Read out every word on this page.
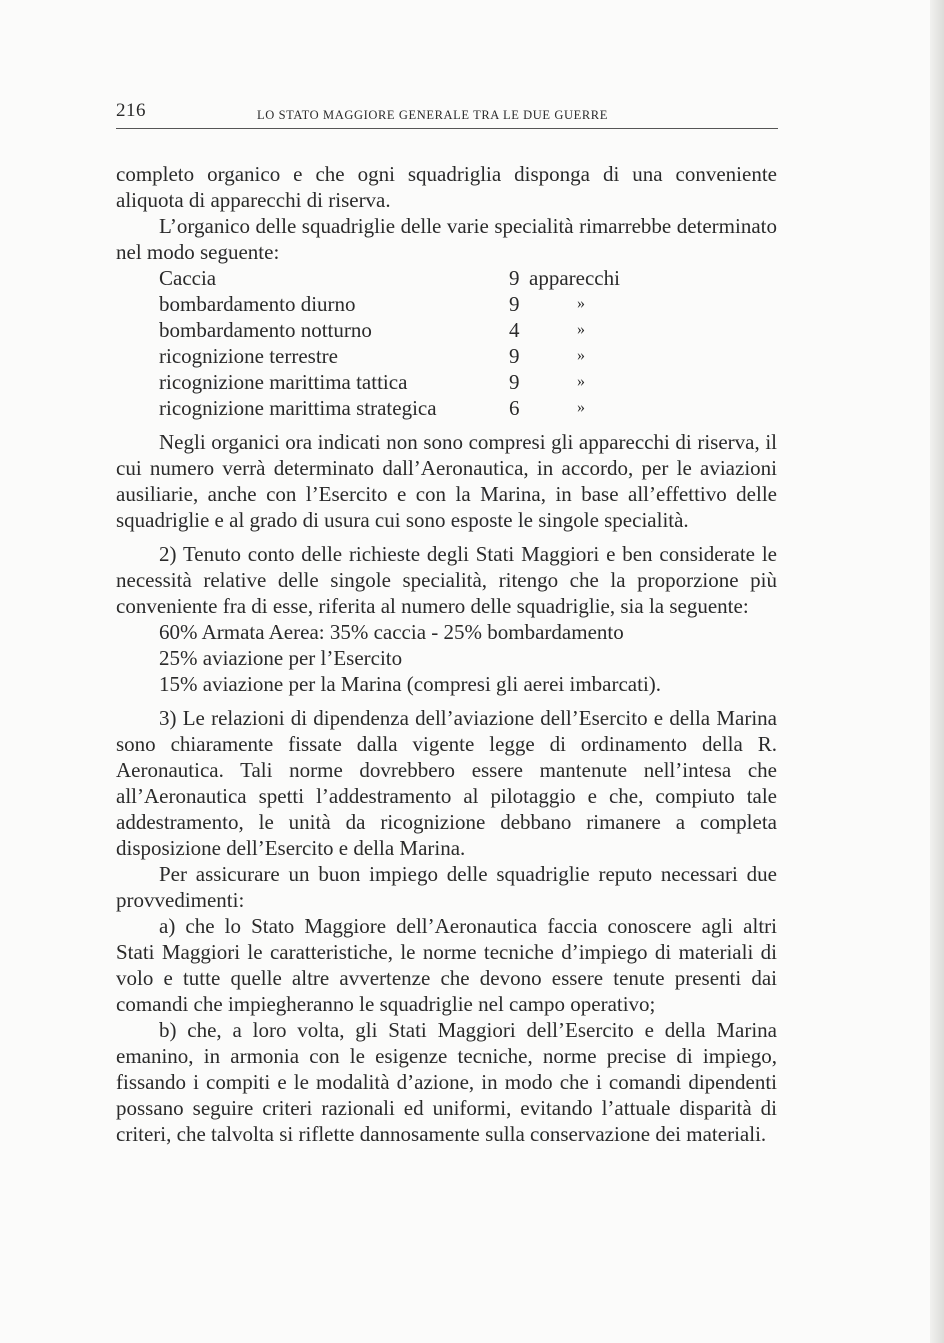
216	LO STATO MAGGIORE GENERALE TRA LE DUE GUERRE

completo organico e che ogni squadriglia disponga di una conveniente aliquota di apparecchi di riserva.

L’organico delle squadriglie delle varie specialità rimarrebbe determinato nel modo seguente:

Caccia	9 apparecchi
bombardamento diurno	9	»
bombardamento notturno	4	»
ricognizione terrestre	9	»
ricognizione marittima tattica	9	»
ricognizione marittima strategica	6	»

Negli organici ora indicati non sono compresi gli apparecchi di riserva, il cui numero verrà determinato dall’Aeronautica, in accordo, per le aviazioni ausiliarie, anche con l’Esercito e con la Marina, in base all’effettivo delle squadriglie e al grado di usura cui sono esposte le singole specialità.

2) Tenuto conto delle richieste degli Stati Maggiori e ben considerate le necessità relative delle singole specialità, ritengo che la proporzione più conveniente fra di esse, riferita al numero delle squadriglie, sia la seguente:

60% Armata Aerea: 35% caccia - 25% bombardamento
25% aviazione per l’Esercito
15% aviazione per la Marina (compresi gli aerei imbarcati).

3) Le relazioni di dipendenza dell’aviazione dell’Esercito e della Marina sono chiaramente fissate dalla vigente legge di ordinamento della R. Aeronautica. Tali norme dovrebbero essere mantenute nell’intesa che all’Aeronautica spetti l’addestramento al pilotaggio e che, compiuto tale addestramento, le unità da ricognizione debbano rimanere a completa disposizione dell’Esercito e della Marina.

Per assicurare un buon impiego delle squadriglie reputo necessari due provvedimenti:

a) che lo Stato Maggiore dell’Aeronautica faccia conoscere agli altri Stati Maggiori le caratteristiche, le norme tecniche d’impiego di materiali di volo e tutte quelle altre avvertenze che devono essere tenute presenti dai comandi che impiegheranno le squadriglie nel campo operativo;

b) che, a loro volta, gli Stati Maggiori dell’Esercito e della Marina emanino, in armonia con le esigenze tecniche, norme precise di impiego, fissando i compiti e le modalità d’azione, in modo che i comandi dipendenti possano seguire criteri razionali ed uniformi, evitando l’attuale disparità di criteri, che talvolta si riflette dannosamente sulla conservazione dei materiali.
